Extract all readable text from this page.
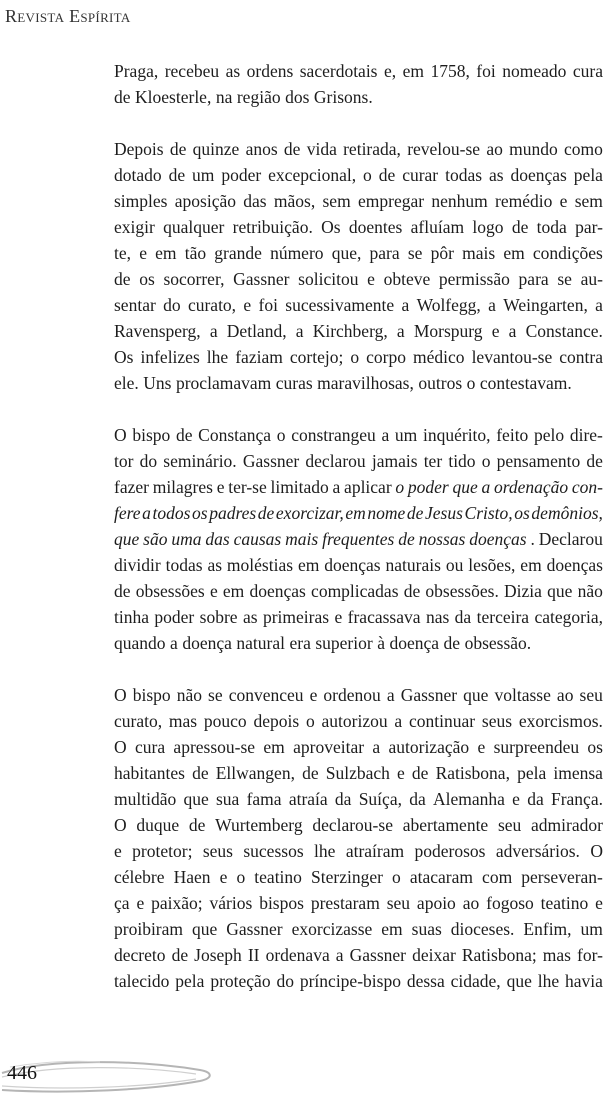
Revista Espírita
Praga, recebeu as ordens sacerdotais e, em 1758, foi nomeado cura
de Kloesterle, na região dos Grisons.
Depois de quinze anos de vida retirada, revelou-se ao mundo como
dotado de um poder excepcional, o de curar todas as doenças pela
simples aposição das mãos, sem empregar nenhum remédio e sem
exigir qualquer retribuição. Os doentes afluíam logo de toda par-
te, e em tão grande número que, para se pôr mais em condições
de os socorrer, Gassner solicitou e obteve permissão para se au-
sentar do curato, e foi sucessivamente a Wolfegg, a Weingarten, a
Ravensperg, a Detland, a Kirchberg, a Morspurg e a Constance.
Os infelizes lhe faziam cortejo; o corpo médico levantou-se contra
ele. Uns proclamavam curas maravilhosas, outros o contestavam.
O bispo de Constança o constrangeu a um inquérito, feito pelo dire-
tor do seminário. Gassner declarou jamais ter tido o pensamento de
fazer milagres e ter-se limitado a aplicar o poder que a ordenação con-
fere a todos os padres de exorcizar, em nome de Jesus Cristo, os demônios,
que são uma das causas mais frequentes de nossas doenças . Declarou
dividir todas as moléstias em doenças naturais ou lesões, em doenças
de obsessões e em doenças complicadas de obsessões. Dizia que não
tinha poder sobre as primeiras e fracassava nas da terceira categoria,
quando a doença natural era superior à doença de obsessão.
O bispo não se convenceu e ordenou a Gassner que voltasse ao seu
curato, mas pouco depois o autorizou a continuar seus exorcismos.
O cura apressou-se em aproveitar a autorização e surpreendeu os
habitantes de Ellwangen, de Sulzbach e de Ratisbona, pela imensa
multidão que sua fama atraía da Suíça, da Alemanha e da França.
O duque de Wurtemberg declarou-se abertamente seu admirador
e protetor; seus sucessos lhe atraíram poderosos adversários. O
célebre Haen e o teatino Sterzinger o atacaram com perseveran-
ça e paixão; vários bispos prestaram seu apoio ao fogoso teatino e
proibiram que Gassner exorcizasse em suas dioceses. Enfim, um
decreto de Joseph II ordenava a Gassner deixar Ratisbona; mas for-
talecido pela proteção do príncipe-bispo dessa cidade, que lhe havia
446
